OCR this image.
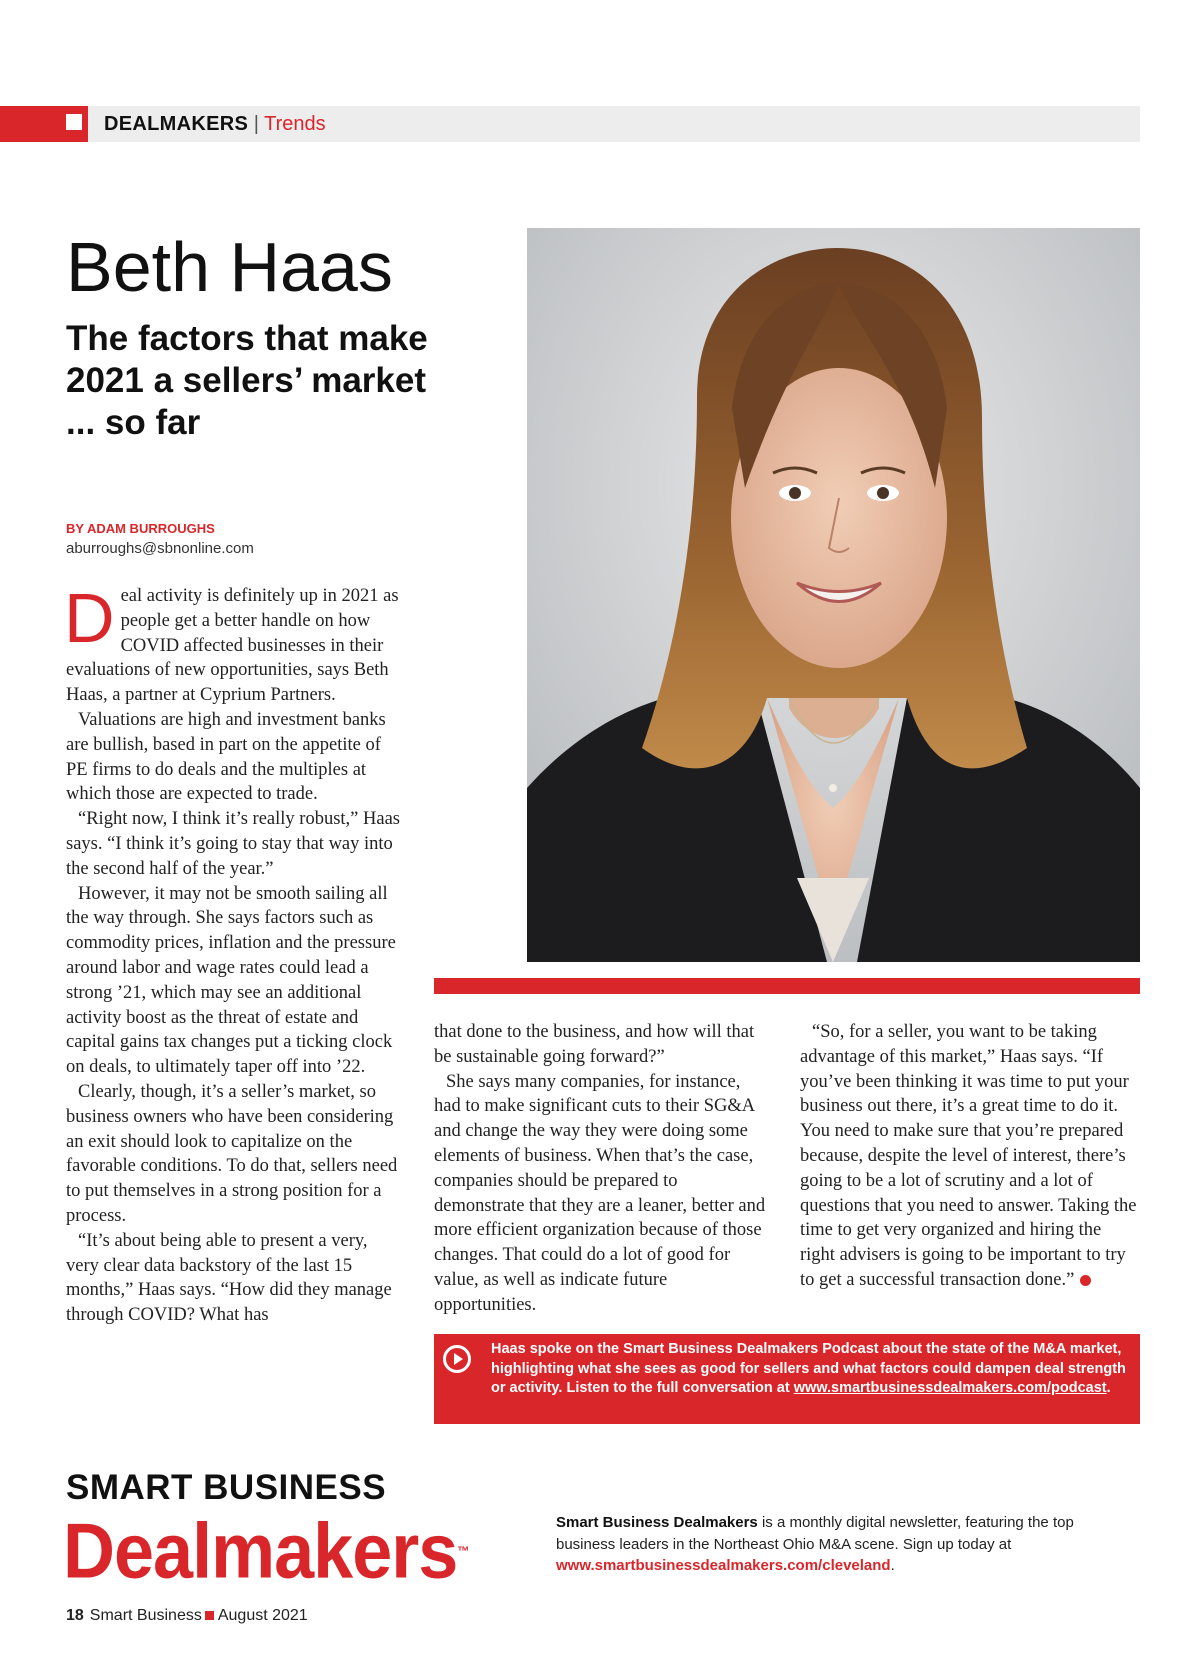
DEALMAKERS | Trends
Beth Haas
The factors that make 2021 a sellers’ market ... so far
BY ADAM BURROUGHS
aburroughs@sbnonline.com

Deal activity is definitely up in 2021 as people get a better handle on how COVID affected businesses in their evaluations of new opportunities, says Beth Haas, a partner at Cyprium Partners.

Valuations are high and investment banks are bullish, based in part on the appetite of PE firms to do deals and the multiples at which those are expected to trade.

“Right now, I think it’s really robust,” Haas says. “I think it’s going to stay that way into the second half of the year.”

However, it may not be smooth sailing all the way through. She says factors such as commodity prices, inflation and the pressure around labor and wage rates could lead a strong ’21, which may see an additional activity boost as the threat of estate and capital gains tax changes put a ticking clock on deals, to ultimately taper off into ’22.

Clearly, though, it’s a seller’s market, so business owners who have been considering an exit should look to capitalize on the favorable conditions. To do that, sellers need to put themselves in a strong position for a process.

“It’s about being able to present a very, very clear data backstory of the last 15 months,” Haas says. “How did they manage through COVID? What has

that done to the business, and how will that be sustainable going forward?”

She says many companies, for instance, had to make significant cuts to their SG&A and change the way they were doing some elements of business. When that’s the case, companies should be prepared to demonstrate that they are a leaner, better and more efficient organization because of those changes. That could do a lot of good for value, as well as indicate future opportunities.

“So, for a seller, you want to be taking advantage of this market,” Haas says. “If you’ve been thinking it was time to put your business out there, it’s a great time to do it. You need to make sure that you’re prepared because, despite the level of interest, there’s going to be a lot of scrutiny and a lot of questions that you need to answer. Taking the time to get very organized and hiring the right advisers is going to be important to try to get a successful transaction done.”

Haas spoke on the Smart Business Dealmakers Podcast about the state of the M&A market, highlighting what she sees as good for sellers and what factors could dampen deal strength or activity. Listen to the full conversation at www.smartbusinessdealmakers.com/podcast.
SMART BUSINESS
Dealmakers™
Smart Business Dealmakers is a monthly digital newsletter, featuring the top business leaders in the Northeast Ohio M&A scene. Sign up today at www.smartbusinessdealmakers.com/cleveland.
18 Smart Business August 2021
